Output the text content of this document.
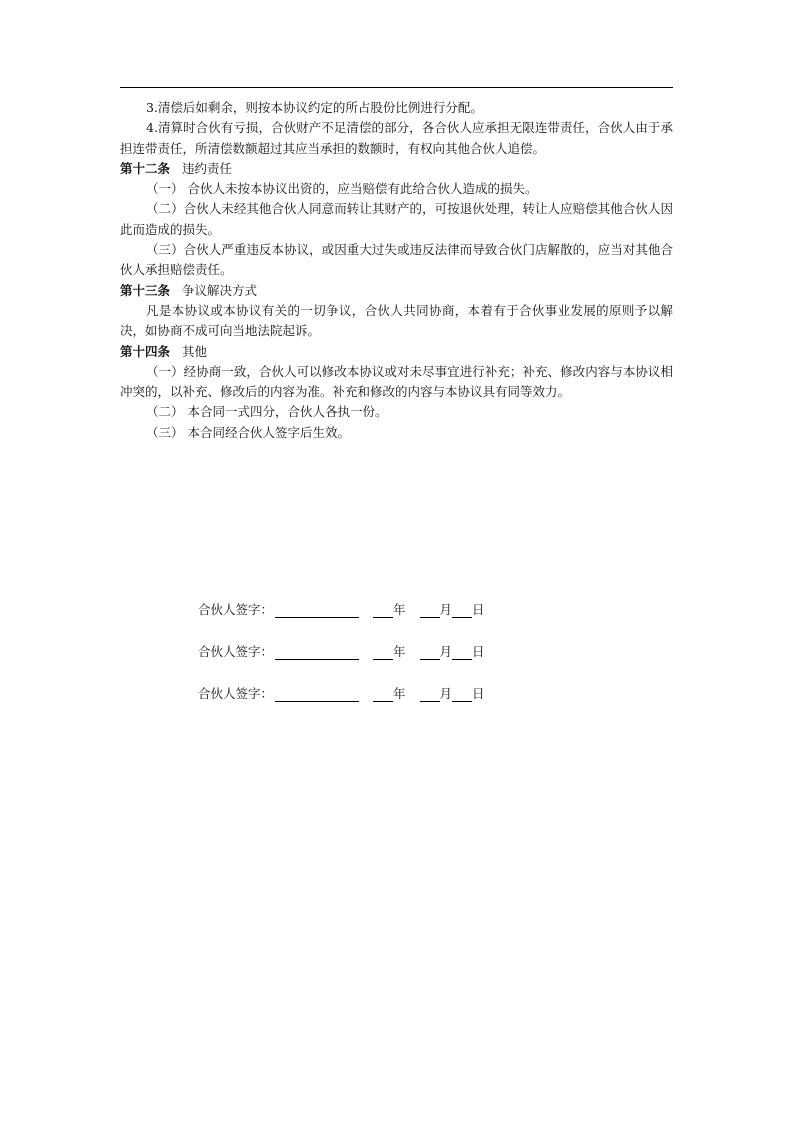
3.清偿后如剩余，则按本协议约定的所占股份比例进行分配。

4.清算时合伙有亏损，合伙财产不足清偿的部分，各合伙人应承担无限连带责任，合伙人由于承担连带责任，所清偿数额超过其应当承担的数额时，有权向其他合伙人追偿。

第十二条 违约责任

（一） 合伙人未按本协议出资的，应当赔偿有此给合伙人造成的损失。

（二）合伙人未经其他合伙人同意而转让其财产的，可按退伙处理，转让人应赔偿其他合伙人因此而造成的损失。

（三）合伙人严重违反本协议，或因重大过失或违反法律而导致合伙门店解散的，应当对其他合伙人承担赔偿责任。

第十三条 争议解决方式

凡是本协议或本协议有关的一切争议，合伙人共同协商，本着有于合伙事业发展的原则予以解决，如协商不成可向当地法院起诉。

第十四条 其他

（一）经协商一致，合伙人可以修改本协议或对未尽事宜进行补充；补充、修改内容与本协议相冲突的，以补充、修改后的内容为准。补充和修改的内容与本协议具有同等效力。

（二） 本合同一式四分，合伙人各执一份。

（三） 本合同经合伙人签字后生效。

合伙人签字：	年	月 日
合伙人签字：	年	月 日
合伙人签字：	年	月 日
